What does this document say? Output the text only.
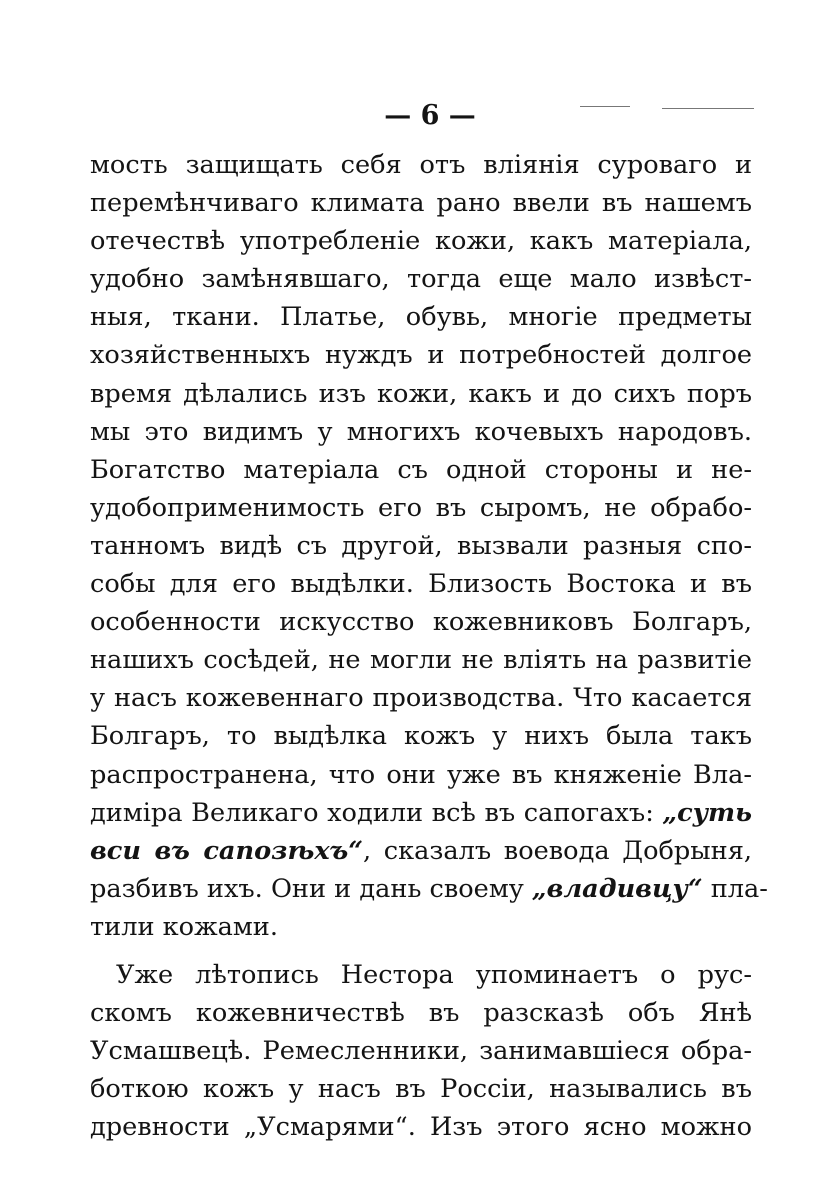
— 6 —
мость защищать себя отъ вліянія суроваго и
перемѣнчиваго климата рано ввели въ нашемъ
отечествѣ употребленіе кожи, какъ матеріала,
удобно замѣнявшаго, тогда еще мало извѣст-
ныя, ткани. Платье, обувь, многіе предметы
хозяйственныхъ нуждъ и потребностей долгое
время дѣлались изъ кожи, какъ и до сихъ поръ
мы это видимъ у многихъ кочевыхъ народовъ.
Богатство матеріала съ одной стороны и не-
удобоприменимость его въ сыромъ, не обрабо-
танномъ видѣ съ другой, вызвали разныя спо-
собы для его выдѣлки. Близость Востока и въ
особенности искусство кожевниковъ Болгаръ,
нашихъ сосѣдей, не могли не влiять на развитіе
у насъ кожевеннаго производства. Что касается
Болгаръ, то выдѣлка кожъ у нихъ была такъ
распространена, что они уже въ княженіе Вла-
диміра Великаго ходили всѣ въ сапогахъ: „суть
вси въ сапозѣхъ“, сказалъ воевода Добрыня,
разбивъ ихъ. Они и дань своему „владивцу“ пла-
тили кожами.
Уже лѣтопись Нестора упоминаетъ о рус-
скомъ кожевничествѣ въ разсказѣ объ Янѣ
Усмашвецѣ. Ремесленники, занимавшіеся обра-
боткою кожъ у насъ въ Россіи, назывались въ
древности „Усмарями“. Изъ этого ясно можно
